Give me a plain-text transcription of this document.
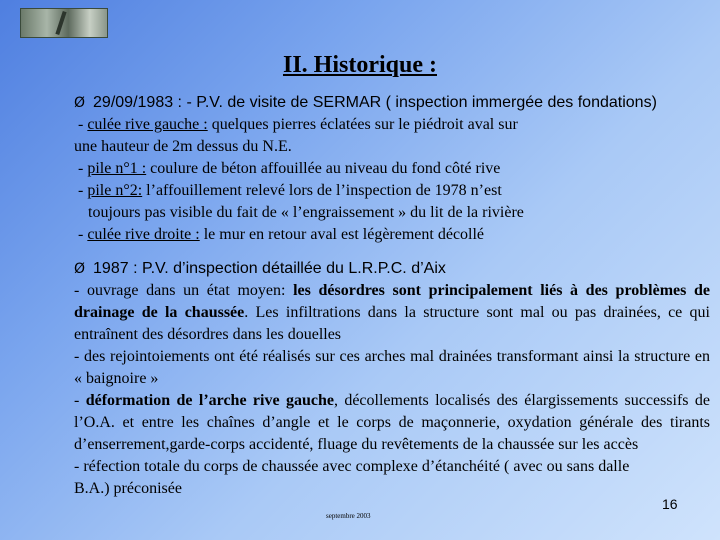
II. Historique :
Ø 29/09/1983 : - P.V. de visite de SERMAR ( inspection immergée des fondations)
- culée rive gauche : quelques pierres éclatées sur le piédroit aval sur
une hauteur de 2m dessus du N.E.
- pile n°1 : coulure de béton affouillée au niveau du fond côté rive
- pile n°2: l’affouillement relevé lors de l’inspection de 1978 n’est
toujours pas visible du fait de « l’engraissement » du lit de la rivière
- culée rive droite : le mur en retour aval est légèrement décollé
Ø 1987 : P.V. d’inspection détaillée du L.R.P.C. d’Aix
- ouvrage dans un état moyen: les désordres sont principalement liés à des problèmes de drainage de la chaussée. Les infiltrations dans la structure sont mal ou pas drainées, ce qui entraînent des désordres dans les douelles
- des rejointoiements ont été réalisés sur ces arches mal drainées transformant ainsi la structure en « baignoire »
- déformation de l’arche rive gauche, décollements localisés des élargissements successifs de l’O.A. et entre les chaînes d’angle et le corps de maçonnerie, oxydation générale des tirants d’enserrement,garde-corps accidenté, fluage du revêtements de la chaussée sur les accès
- réfection totale du corps de chaussée avec complexe d’étanchéité ( avec ou sans dalle
B.A.) préconisée
septembre 2003
16
